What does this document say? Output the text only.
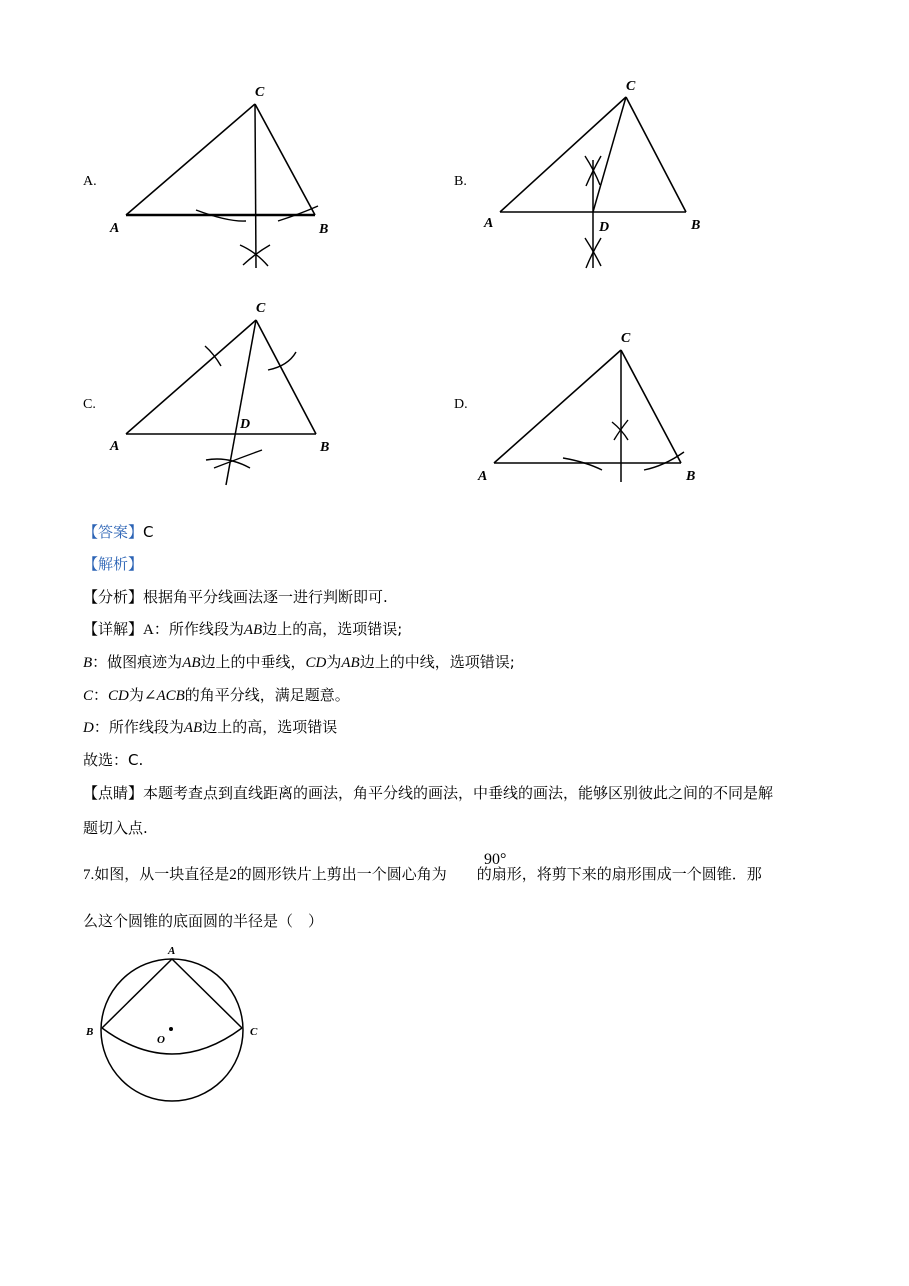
A.
C
A	B
B.
C
A	B
D
C.
C
A	B
D
D.
C
A	B
【答案】C
【解析】
【分析】根据角平分线画法逐一进行判断即可.
【详解】A：所作线段为AB边上的高，选项错误;
B：做图痕迹为AB边上的中垂线，CD为AB边上的中线，选项错误;
C：CD为∠ACB的角平分线，满足题意。
D：所作线段为AB边上的高，选项错误
故选：C.
【点睛】本题考查点到直线距离的画法，角平分线的画法，中垂线的画法，能够区别彼此之间的不同是解
题切入点.
7.如图，从一块直径是2的圆形铁片上剪出一个圆心角为 的扇形，将剪下来的扇形围成一个圆锥．那
90°
么这个圆锥的底面圆的半径是（　）
A
B	C
O
